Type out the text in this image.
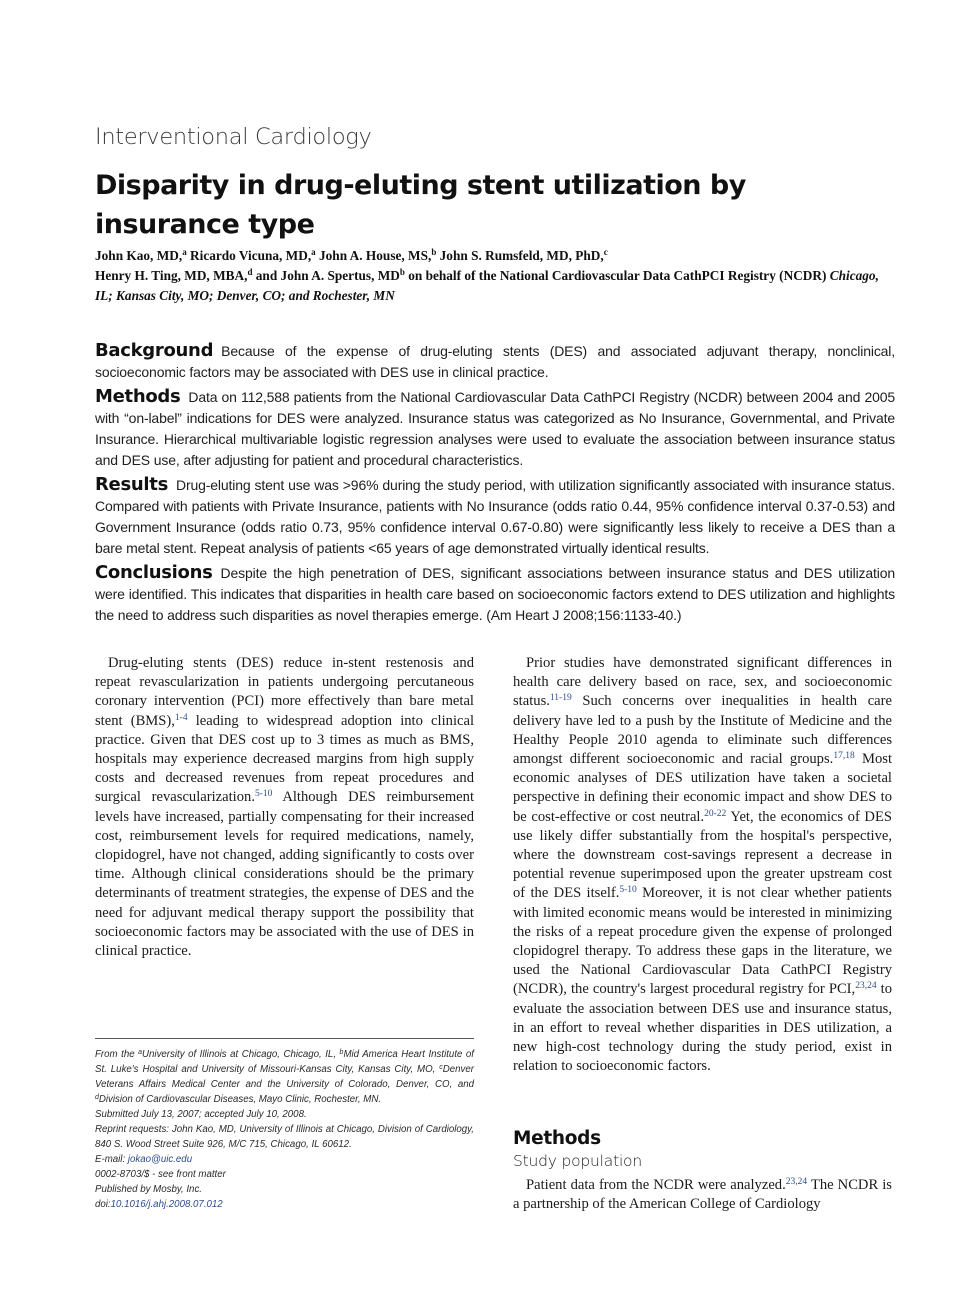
Interventional Cardiology
Disparity in drug-eluting stent utilization by insurance type
John Kao, MD,$^a$ Ricardo Vicuna, MD,$^a$ John A. House, MS,$^b$ John S. Rumsfeld, MD, PhD,$^c$
Henry H. Ting, MD, MBA,$^d$ and John A. Spertus, $MD^b$ on behalf of the National Cardiovascular Data CathPCI Registry (NCDR) Chicago, IL; Kansas City, MO; Denver, CO; and Rochester, MN

Background Because of the expense of drug-eluting stents (DES) and associated adjuvant therapy, nonclinical, socioeconomic factors may be associated with DES use in clinical practice.

Methods Data on 112,588 patients from the National Cardiovascular Data CathPCI Registry (NCDR) between 2004 and 2005 with “on-label” indications for DES were analyzed. Insurance status was categorized as No Insurance, Governmental, and Private Insurance. Hierarchical multivariable logistic regression analyses were used to evaluate the association between insurance status and DES use, after adjusting for patient and procedural characteristics.

Results Drug-eluting stent use was >96% during the study period, with utilization significantly associated with insurance status. Compared with patients with Private Insurance, patients with No Insurance (odds ratio 0.44, 95% confidence interval 0.37-0.53) and Government Insurance (odds ratio 0.73, 95% confidence interval 0.67-0.80) were significantly less likely to receive a DES than a bare metal stent. Repeat analysis of patients <65 years of age demonstrated virtually identical results.

Conclusions Despite the high penetration of DES, significant associations between insurance status and DES utilization were identified. This indicates that disparities in health care based on socioeconomic factors extend to DES utilization and highlights the need to address such disparities as novel therapies emerge. (Am Heart J 2008;156:1133-40.)

Drug-eluting stents (DES) reduce in-stent restenosis and repeat revascularization in patients undergoing percutaneous coronary intervention (PCI) more effectively than bare metal stent (BMS),$^{1-4}$ leading to widespread adoption into clinical practice. Given that DES cost up to 3 times as much as BMS, hospitals may experience decreased margins from high supply costs and decreased revenues from repeat procedures and surgical revascularization.$^{5-10}$ Although DES reimbursement levels have increased, partially compensating for their increased cost, reimbursement levels for required medications, namely, clopidogrel, have not changed, adding significantly to costs over time. Although clinical considerations should be the primary determinants of treatment strategies, the expense of DES and the need for adjuvant medical therapy support the possibility that socioeconomic factors may be associated with the use of DES in clinical practice.

From the $^a$University of Illinois at Chicago, Chicago, IL, $^b$Mid America Heart Institute of St. Luke's Hospital and University of Missouri-Kansas City, Kansas City, MO, $^c$Denver Veterans Affairs Medical Center and the University of Colorado, Denver, CO, and $^d$Division of Cardiovascular Diseases, Mayo Clinic, Rochester, MN.

Submitted July 13, 2007; accepted July 10, 2008.

Reprint requests: John Kao, MD, University of Illinois at Chicago, Division of Cardiology, 840 S. Wood Street Suite 926, M/C 715, Chicago, IL 60612.

E-mail: jokao@uic.edu

0002-8703/$ - see front matter

Published by Mosby, Inc.

doi:10.1016/j.ahj.2008.07.012

Prior studies have demonstrated significant differences in health care delivery based on race, sex, and socioeconomic status.$^{11-19}$ Such concerns over inequalities in health care delivery have led to a push by the Institute of Medicine and the Healthy People 2010 agenda to eliminate such differences amongst different socioeconomic and racial groups.$^{17,18}$ Most economic analyses of DES utilization have taken a societal perspective in defining their economic impact and show DES to be cost-effective or cost neutral.$^{20-22}$ Yet, the economics of DES use likely differ substantially from the hospital's perspective, where the downstream cost-savings represent a decrease in potential revenue superimposed upon the greater upstream cost of the DES itself.$^{5-10}$ Moreover, it is not clear whether patients with limited economic means would be interested in minimizing the risks of a repeat procedure given the expense of prolonged clopidogrel therapy. To address these gaps in the literature, we used the National Cardiovascular Data CathPCI Registry (NCDR), the country's largest procedural registry for PCI,$^{23,24}$ to evaluate the association between DES use and insurance status, in an effort to reveal whether disparities in DES utilization, a new high-cost technology during the study period, exist in relation to socioeconomic factors.

Methods
Study population

Patient data from the NCDR were analyzed.$^{23,24}$ The NCDR is a partnership of the American College of Cardiology
